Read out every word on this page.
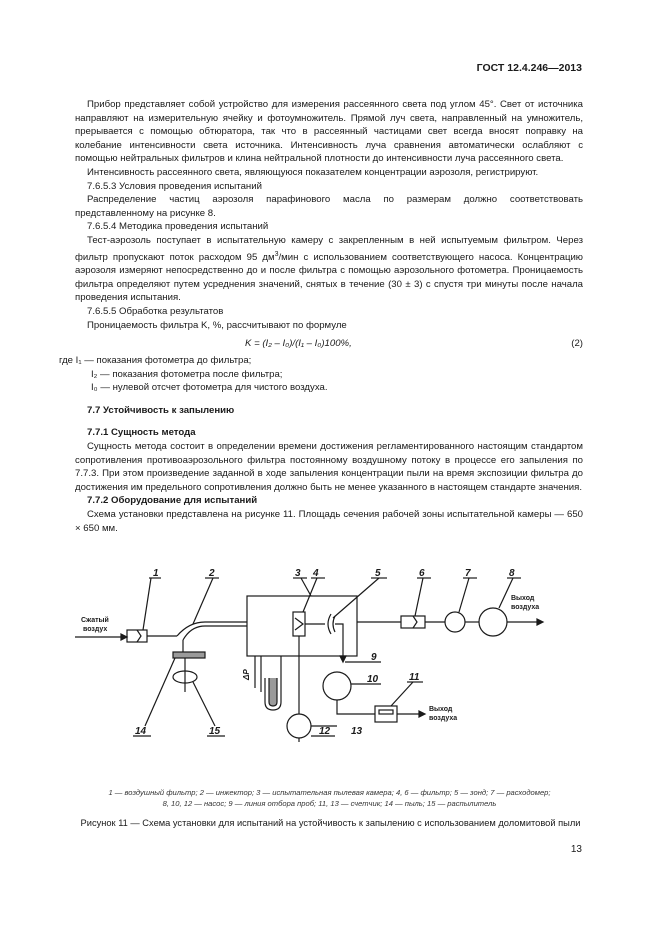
ГОСТ 12.4.246—2013

Прибор представляет собой устройство для измерения рассеянного света под углом 45°. Свет от источника направляют на измерительную ячейку и фотоумножитель. Прямой луч света, направленный на умножитель, прерывается с помощью обтюратора, так что в рассеянный частицами свет всегда вносят поправку на колебание интенсивности света источника. Интенсивность луча сравнения автоматически ослабляют с помощью нейтральных фильтров и клина нейтральной плотности до интенсивности луча рассеянного света.

Интенсивность рассеянного света, являющуюся показателем концентрации аэрозоля, регистрируют.

7.6.5.3 Условия проведения испытаний

Распределение частиц аэрозоля парафинового масла по размерам должно соответствовать представленному на рисунке 8.

7.6.5.4 Методика проведения испытаний

Тест-аэрозоль поступает в испытательную камеру с закрепленным в ней испытуемым фильтром. Через фильтр пропускают поток расходом 95 $дм^3$/мин с использованием соответствующего насоса. Концентрацию аэрозоля измеряют непосредственно до и после фильтра с помощью аэрозольного фотометра. Проницаемость фильтра определяют путем усреднения значений, снятых в течение (30 ± 3) с спустя три минуты после начала проведения испытания.

7.6.5.5 Обработка результатов

Проницаемость фильтра K, %, рассчитывают по формуле

K = (I₂ – I₀)/(I₁ – I₀)100%,	(2)

где I₁ — показания фотометра до фильтра;

I₂ — показания фотометра после фильтра;

I₀ — нулевой отсчет фотометра для чистого воздуха.

7.7 Устойчивость к запылению

7.7.1 Сущность метода

Сущность метода состоит в определении времени достижения регламентированного настоящим стандартом сопротивления противоаэрозольного фильтра постоянному воздушному потоку в процессе его запыления по 7.7.3. При этом произведение заданной в ходе запыления концентрации пыли на время экспозиции фильтра до достижения им предельного сопротивления должно быть не менее указанного в настоящем стандарте значения.

7.7.2 Оборудование для испытаний

Схема установки представлена на рисунке 11. Площадь сечения рабочей зоны испытательной камеры — 650 × 650 мм.

Сжатый
воздух
1	2
14	15
3 4	5	6	7	8
Выход
воздуха
9
10	11
Выход
воздуха
ΔP
12 13
1 — воздушный фильтр; 2 — инжектор; 3 — испытательная пылевая камера; 4, 6 — фильтр; 5 — зонд; 7 — расходомер;
8, 10, 12 — насос; 9 — линия отбора проб; 11, 13 — счетчик; 14 — пыль; 15 — распылитель
Рисунок 11 — Схема установки для испытаний на устойчивость к запылению с использованием доломитовой пыли
13
